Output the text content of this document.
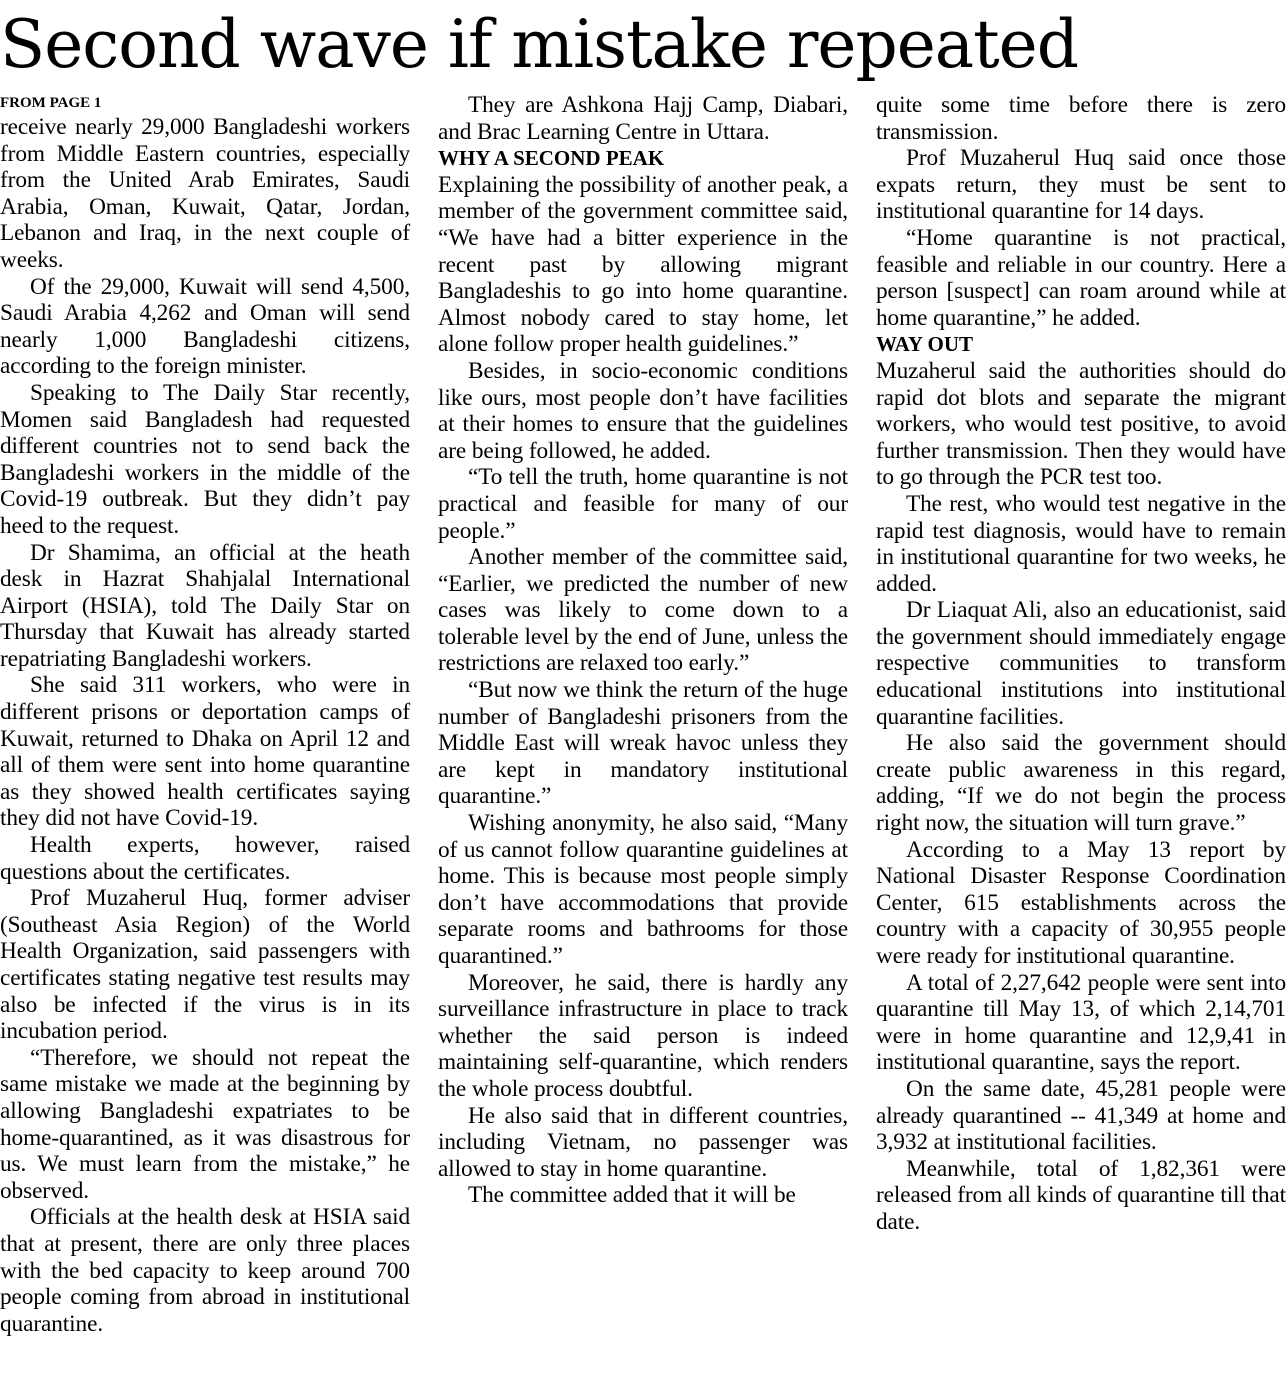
Second wave if mistake repeated
FROM PAGE 1

receive nearly 29,000 Bangladeshi workers from Middle Eastern countries, especially from the United Arab Emirates, Saudi Arabia, Oman, Kuwait, Qatar, Jordan, Lebanon and Iraq, in the next couple of weeks.

Of the 29,000, Kuwait will send 4,500, Saudi Arabia 4,262 and Oman will send nearly 1,000 Bangladeshi citizens, according to the foreign minister.

Speaking to The Daily Star recently, Momen said Bangladesh had requested different countries not to send back the Bangladeshi workers in the middle of the Covid-19 outbreak. But they didn’t pay heed to the request.

Dr Shamima, an official at the heath desk in Hazrat Shahjalal International Airport (HSIA), told The Daily Star on Thursday that Kuwait has already started repatriating Bangladeshi workers.

She said 311 workers, who were in different prisons or deportation camps of Kuwait, returned to Dhaka on April 12 and all of them were sent into home quarantine as they showed health certificates saying they did not have Covid-19.

Health experts, however, raised questions about the certificates.

Prof Muzaherul Huq, former adviser (Southeast Asia Region) of the World Health Organization, said passengers with certificates stating negative test results may also be infected if the virus is in its incubation period.

“Therefore, we should not repeat the same mistake we made at the beginning by allowing Bangladeshi expatriates to be home-quarantined, as it was disastrous for us. We must learn from the mistake,” he observed.

Officials at the health desk at HSIA said that at present, there are only three places with the bed capacity to keep around 700 people coming from abroad in institutional quarantine.

They are Ashkona Hajj Camp, Diabari, and Brac Learning Centre in Uttara.

WHY A SECOND PEAK

Explaining the possibility of another peak, a member of the government committee said, “We have had a bitter experience in the recent past by allowing migrant Bangladeshis to go into home quarantine. Almost nobody cared to stay home, let alone follow proper health guidelines.”

Besides, in socio-economic conditions like ours, most people don’t have facilities at their homes to ensure that the guidelines are being followed, he added.

“To tell the truth, home quarantine is not practical and feasible for many of our people.”

Another member of the committee said, “Earlier, we predicted the number of new cases was likely to come down to a tolerable level by the end of June, unless the restrictions are relaxed too early.”

“But now we think the return of the huge number of Bangladeshi prisoners from the Middle East will wreak havoc unless they are kept in mandatory institutional quarantine.”

Wishing anonymity, he also said, “Many of us cannot follow quarantine guidelines at home. This is because most people simply don’t have accommodations that provide separate rooms and bathrooms for those quarantined.”

Moreover, he said, there is hardly any surveillance infrastructure in place to track whether the said person is indeed maintaining self-quarantine, which renders the whole process doubtful.

He also said that in different countries, including Vietnam, no passenger was allowed to stay in home quarantine.

The committee added that it will be

quite some time before there is zero transmission.

Prof Muzaherul Huq said once those expats return, they must be sent to institutional quarantine for 14 days.

“Home quarantine is not practical, feasible and reliable in our country. Here a person [suspect] can roam around while at home quarantine,” he added.

WAY OUT

Muzaherul said the authorities should do rapid dot blots and separate the migrant workers, who would test positive, to avoid further transmission. Then they would have to go through the PCR test too.

The rest, who would test negative in the rapid test diagnosis, would have to remain in institutional quarantine for two weeks, he added.

Dr Liaquat Ali, also an educationist, said the government should immediately engage respective communities to transform educational institutions into institutional quarantine facilities.

He also said the government should create public awareness in this regard, adding, “If we do not begin the process right now, the situation will turn grave.”

According to a May 13 report by National Disaster Response Coordination Center, 615 establishments across the country with a capacity of 30,955 people were ready for institutional quarantine.

A total of 2,27,642 people were sent into quarantine till May 13, of which 2,14,701 were in home quarantine and 12,9,41 in institutional quarantine, says the report.

On the same date, 45,281 people were already quarantined -- 41,349 at home and 3,932 at institutional facilities.

Meanwhile, total of 1,82,361 were released from all kinds of quarantine till that date.
